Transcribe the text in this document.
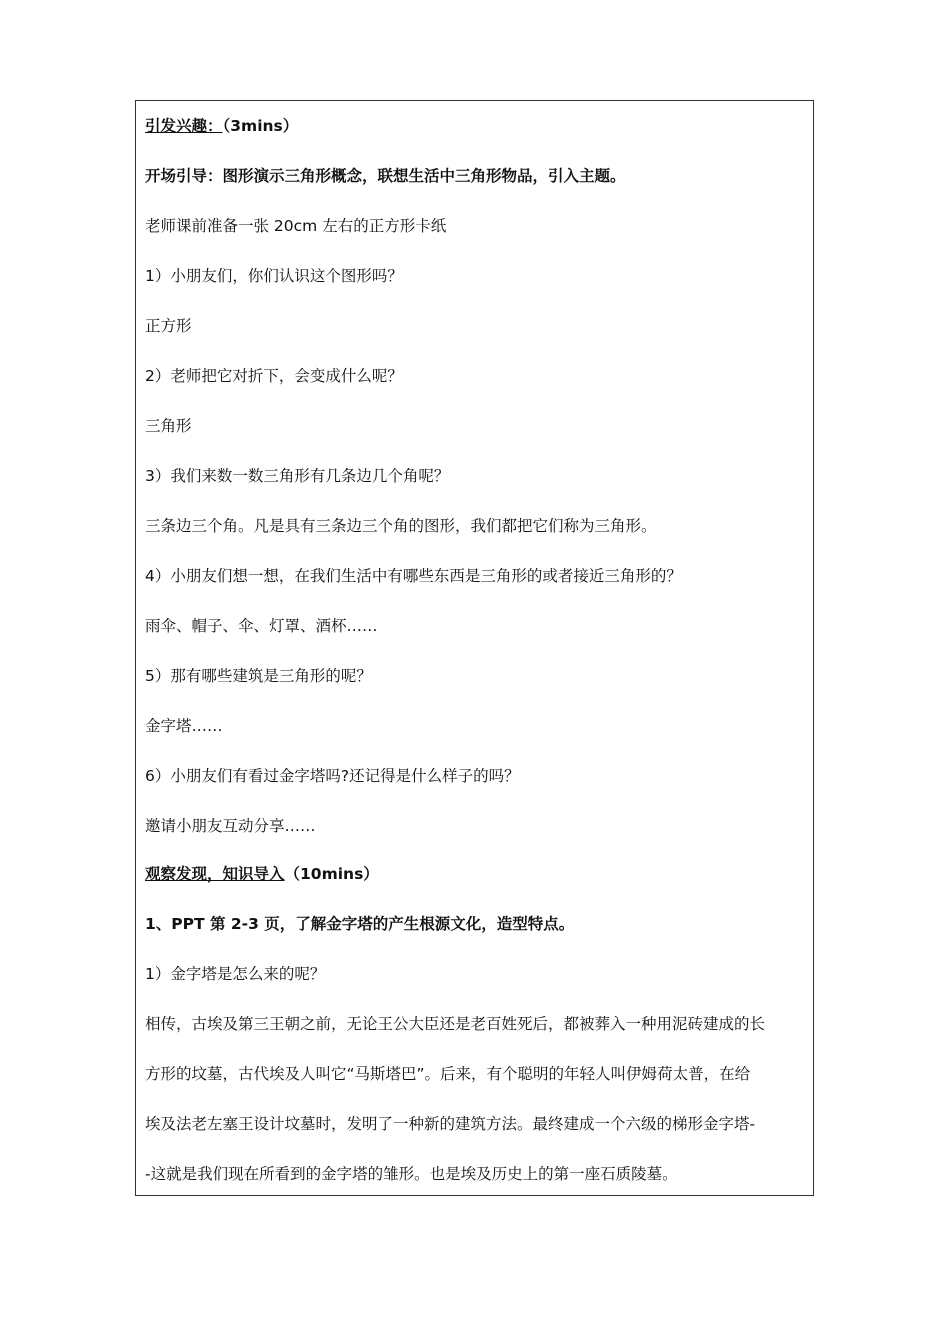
引发兴趣：（3mins）
开场引导：图形演示三角形概念，联想生活中三角形物品，引入主题。
老师课前准备一张 20cm 左右的正方形卡纸
1）小朋友们，你们认识这个图形吗？
正方形
2）老师把它对折下，会变成什么呢？
三角形
3）我们来数一数三角形有几条边几个角呢？
三条边三个角。凡是具有三条边三个角的图形，我们都把它们称为三角形。
4）小朋友们想一想，在我们生活中有哪些东西是三角形的或者接近三角形的？
雨伞、帽子、伞、灯罩、酒杯……
5）那有哪些建筑是三角形的呢？
金字塔……
6）小朋友们有看过金字塔吗?还记得是什么样子的吗？
邀请小朋友互动分享……
观察发现，知识导入（10mins）
1、PPT 第 2-3 页，了解金字塔的产生根源文化，造型特点。
1）金字塔是怎么来的呢？
相传，古埃及第三王朝之前，无论王公大臣还是老百姓死后，都被葬入一种用泥砖建成的长
方形的坟墓，古代埃及人叫它“马斯塔巴”。后来，有个聪明的年轻人叫伊姆荷太普，在给
埃及法老左塞王设计坟墓时，发明了一种新的建筑方法。最终建成一个六级的梯形金字塔-
-这就是我们现在所看到的金字塔的雏形。也是埃及历史上的第一座石质陵墓。
